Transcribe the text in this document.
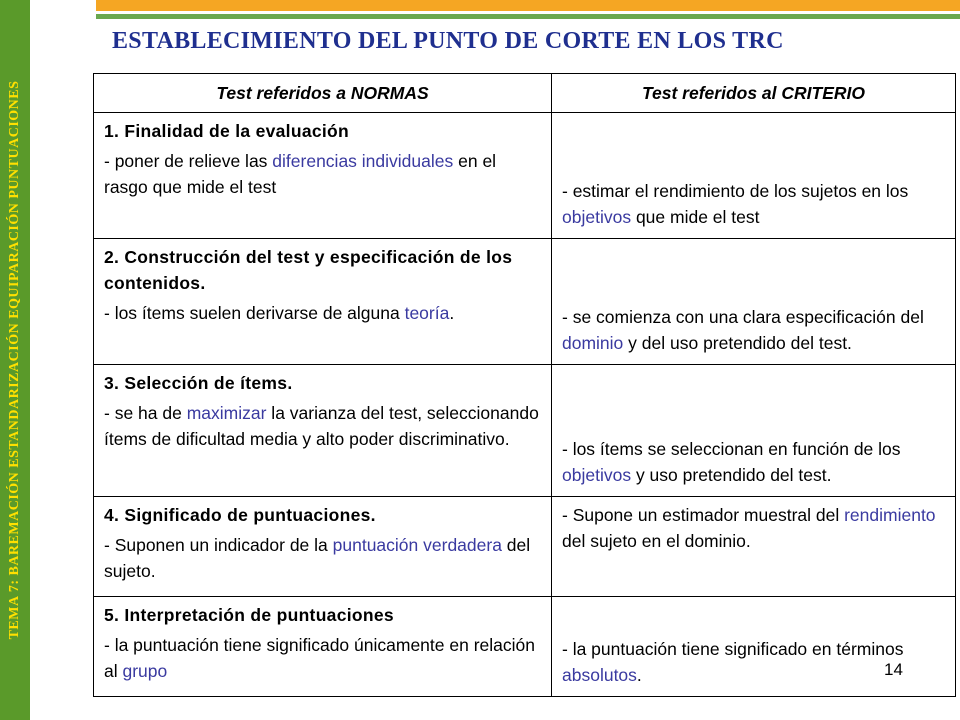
TEMA 7: BAREMACIÓN ESTANDARIZACIÓN EQUIPARACIÓN PUNTUACIONES
ESTABLECIMIENTO DEL PUNTO DE CORTE EN LOS TRC
Test referidos a NORMAS	Test referidos al CRITERIO

1. Finalidad de la evaluación
- poner de relieve las diferencias individuales en el rasgo que mide el test	- estimar el rendimiento de los sujetos en los objetivos que mide el test

2. Construcción del test y especificación de los contenidos.
- los ítems suelen derivarse de alguna teoría.	- se comienza con una clara especificación del dominio y del uso pretendido del test.

3. Selección de ítems.
- se ha de maximizar la varianza del test, seleccionando ítems de dificultad media y alto poder discriminativo.	- los ítems se seleccionan en función de los objetivos y uso pretendido del test.

4. Significado de puntuaciones.
- Suponen un indicador de la puntuación verdadera del sujeto.	- Supone un estimador muestral del rendimiento del sujeto en el dominio.

5. Interpretación de puntuaciones
- la puntuación tiene significado únicamente en relación al grupo	- la puntuación tiene significado en términos absolutos.	14
